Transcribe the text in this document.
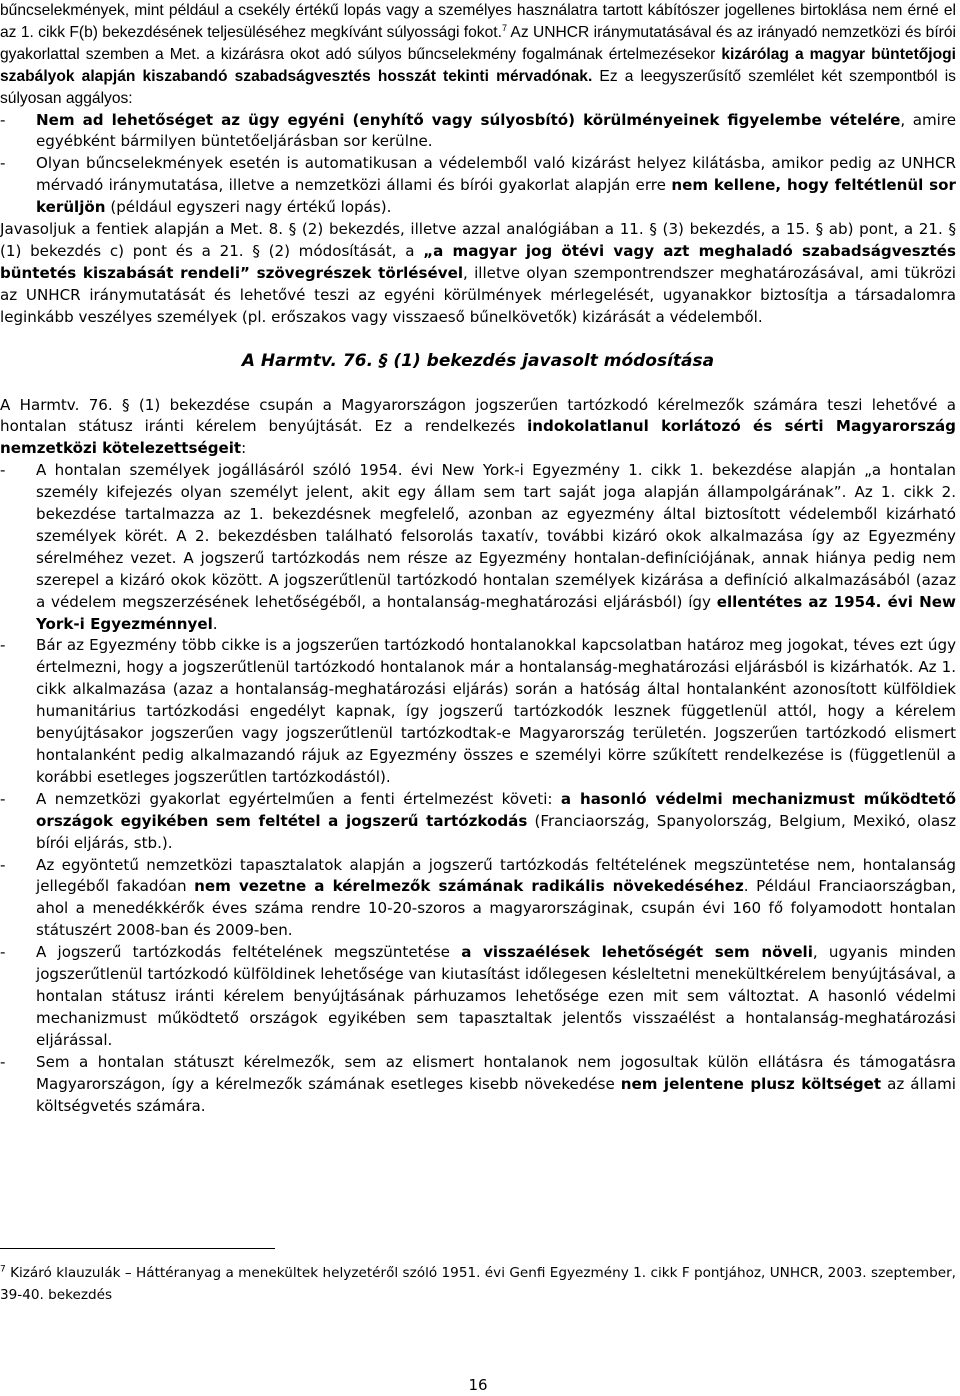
bűncselekmények, mint például a csekély értékű lopás vagy a személyes használatra tartott kábítószer jogellenes birtoklása nem érné el az 1. cikk F(b) bekezdésének teljesüléséhez megkívánt súlyossági fokot.$^7$ Az UNHCR iránymutatásával és az irányadó nemzetközi és bírói gyakorlattal szemben a Met. a kizárásra okot adó súlyos bűncselekmény fogalmának értelmezésekor kizárólag a magyar büntetőjogi szabályok alapján kiszabandó szabadságvesztés hosszát tekinti mérvadónak. Ez a leegyszerűsítő szemlélet két szempontból is súlyosan aggályos:

- Nem ad lehetőséget az ügy egyéni (enyhítő vagy súlyosbító) körülményeinek figyelembe vételére, amire egyébként bármilyen büntetőeljárásban sor kerülne.
- Olyan bűncselekmények esetén is automatikusan a védelemből való kizárást helyez kilátásba, amikor pedig az UNHCR mérvadó iránymutatása, illetve a nemzetközi állami és bírói gyakorlat alapján erre nem kellene, hogy feltétlenül sor kerüljön (például egyszeri nagy értékű lopás).

Javasoljuk a fentiek alapján a Met. 8. § (2) bekezdés, illetve azzal analógiában a 11. § (3) bekezdés, a 15. § ab) pont, a 21. § (1) bekezdés c) pont és a 21. § (2) módosítását, a „a magyar jog ötévi vagy azt meghaladó szabadságvesztés büntetés kiszabását rendeli” szövegrészek törlésével, illetve olyan szempontrendszer meghatározásával, ami tükrözi az UNHCR iránymutatását és lehetővé teszi az egyéni körülmények mérlegelését, ugyanakkor biztosítja a társadalomra leginkább veszélyes személyek (pl. erőszakos vagy visszaeső bűnelkövetők) kizárását a védelemből.

A Harmtv. 76. § (1) bekezdés javasolt módosítása

A Harmtv. 76. § (1) bekezdése csupán a Magyarországon jogszerűen tartózkodó kérelmezők számára teszi lehetővé a hontalan státusz iránti kérelem benyújtását. Ez a rendelkezés indokolatlanul korlátozó és sérti Magyarország nemzetközi kötelezettségeit:

- A hontalan személyek jogállásáról szóló 1954. évi New York-i Egyezmény 1. cikk 1. bekezdése alapján „a hontalan személy kifejezés olyan személyt jelent, akit egy állam sem tart saját joga alapján állampolgárának”. Az 1. cikk 2. bekezdése tartalmazza az 1. bekezdésnek megfelelő, azonban az egyezmény által biztosított védelemből kizárható személyek körét. A 2. bekezdésben található felsorolás taxatív, további kizáró okok alkalmazása így az Egyezmény sérelméhez vezet. A jogszerű tartózkodás nem része az Egyezmény hontalan-definíciójának, annak hiánya pedig nem szerepel a kizáró okok között. A jogszerűtlenül tartózkodó hontalan személyek kizárása a definíció alkalmazásából (azaz a védelem megszerzésének lehetőségéből, a hontalanság-meghatározási eljárásból) így ellentétes az 1954. évi New York-i Egyezménnyel.
- Bár az Egyezmény több cikke is a jogszerűen tartózkodó hontalanokkal kapcsolatban határoz meg jogokat, téves ezt úgy értelmezni, hogy a jogszerűtlenül tartózkodó hontalanok már a hontalanság-meghatározási eljárásból is kizárhatók. Az 1. cikk alkalmazása (azaz a hontalanság-meghatározási eljárás) során a hatóság által hontalanként azonosított külföldiek humanitárius tartózkodási engedélyt kapnak, így jogszerű tartózkodók lesznek függetlenül attól, hogy a kérelem benyújtásakor jogszerűen vagy jogszerűtlenül tartózkodtak-e Magyarország területén. Jogszerűen tartózkodó elismert hontalanként pedig alkalmazandó rájuk az Egyezmény összes e személyi körre szűkített rendelkezése is (függetlenül a korábbi esetleges jogszerűtlen tartózkodástól).
- A nemzetközi gyakorlat egyértelműen a fenti értelmezést követi: a hasonló védelmi mechanizmust működtető országok egyikében sem feltétel a jogszerű tartózkodás (Franciaország, Spanyolország, Belgium, Mexikó, olasz bírói eljárás, stb.).
- Az egyöntetű nemzetközi tapasztalatok alapján a jogszerű tartózkodás feltételének megszüntetése nem, hontalanság jellegéből fakadóan nem vezetne a kérelmezők számának radikális növekedéséhez. Például Franciaországban, ahol a menedékkérők éves száma rendre 10-20-szoros a magyarországinak, csupán évi 160 fő folyamodott hontalan státuszért 2008-ban és 2009-ben.
- A jogszerű tartózkodás feltételének megszüntetése a visszaélések lehetőségét sem növeli, ugyanis minden jogszerűtlenül tartózkodó külföldinek lehetősége van kiutasítást időlegesen késleltetni menekültkérelem benyújtásával, a hontalan státusz iránti kérelem benyújtásának párhuzamos lehetősége ezen mit sem változtat. A hasonló védelmi mechanizmust működtető országok egyikében sem tapasztaltak jelentős visszaélést a hontalanság-meghatározási eljárással.
- Sem a hontalan státuszt kérelmezők, sem az elismert hontalanok nem jogosultak külön ellátásra és támogatásra Magyarországon, így a kérelmezők számának esetleges kisebb növekedése nem jelentene plusz költséget az állami költségvetés számára.
$^7$ Kizáró klauzulák – Háttéranyag a menekültek helyzetéről szóló 1951. évi Genfi Egyezmény 1. cikk F pontjához, UNHCR, 2003. szeptember, 39-40. bekezdés
16
